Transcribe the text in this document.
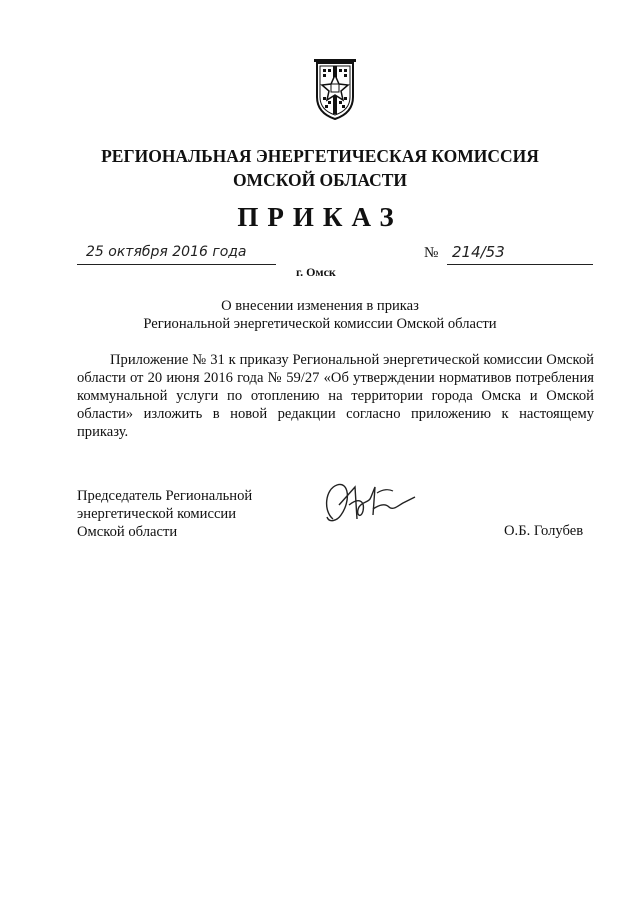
РЕГИОНАЛЬНАЯ ЭНЕРГЕТИЧЕСКАЯ КОМИССИЯ
ОМСКОЙ ОБЛАСТИ
ПРИКАЗ
25 октября 2016 года	№ 214/53
г. Омск
О внесении изменения в приказ
Региональной энергетической комиссии Омской области
Приложение № 31 к приказу Региональной энергетической комиссии Омской области от 20 июня 2016 года № 59/27 «Об утверждении нормативов потребления коммунальной услуги по отоплению на территории города Омска и Омской области» изложить в новой редакции согласно приложению к настоящему приказу.
Председатель Региональной
энергетической комиссии
Омской области	О.Б. Голубев
